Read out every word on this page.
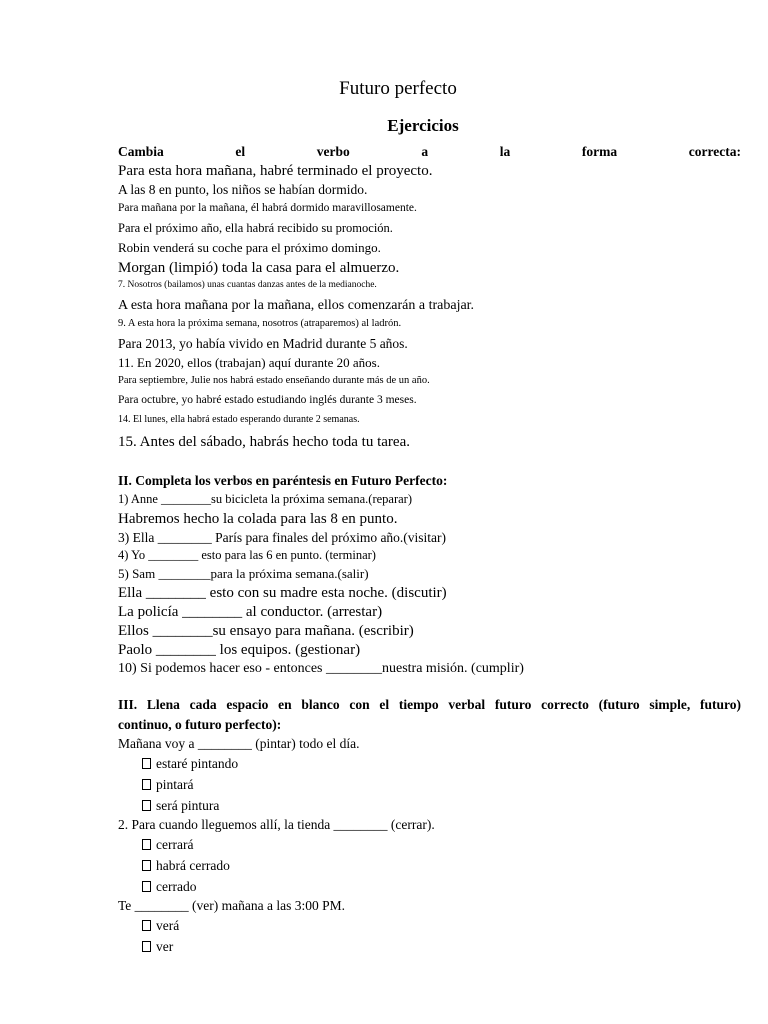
Futuro perfecto
Ejercicios
Cambia el verbo a la forma correcta:
Para esta hora mañana, habré terminado el proyecto.
A las 8 en punto, los niños se habían dormido.
Para mañana por la mañana, él habrá dormido maravillosamente.
Para el próximo año, ella habrá recibido su promoción.
Robin venderá su coche para el próximo domingo.
Morgan (limpió) toda la casa para el almuerzo.
7. Nosotros (bailamos) unas cuantas danzas antes de la medianoche.
A esta hora mañana por la mañana, ellos comenzarán a trabajar.
9. A esta hora la próxima semana, nosotros (atraparemos) al ladrón.
Para 2013, yo había vivido en Madrid durante 5 años.
11. En 2020, ellos (trabajan) aquí durante 20 años.
Para septiembre, Julie nos habrá estado enseñando durante más de un año.
Para octubre, yo habré estado estudiando inglés durante 3 meses.
14. El lunes, ella habrá estado esperando durante 2 semanas.
15. Antes del sábado, habrás hecho toda tu tarea.
II. Completa los verbos en paréntesis en Futuro Perfecto:
1) Anne ________su bicicleta la próxima semana.(reparar)
Habremos hecho la colada para las 8 en punto.
3) Ella ________ París para finales del próximo año.(visitar)
4) Yo ________ esto para las 6 en punto. (terminar)
5) Sam ________para la próxima semana.(salir)
Ella ________ esto con su madre esta noche. (discutir)
La policía ________ al conductor. (arrestar)
Ellos ________su ensayo para mañana. (escribir)
Paolo ________ los equipos. (gestionar)
10) Si podemos hacer eso - entonces ________nuestra misión. (cumplir)
III. Llena cada espacio en blanco con el tiempo verbal futuro correcto (futuro simple, futuro)
continuo, o futuro perfecto):
Mañana voy a ________ (pintar) todo el día.
estaré pintando
pintará
será pintura
2. Para cuando lleguemos allí, la tienda ________ (cerrar).
cerrará
habrá cerrado
cerrado
Te ________ (ver) mañana a las 3:00 PM.
verá
ver
